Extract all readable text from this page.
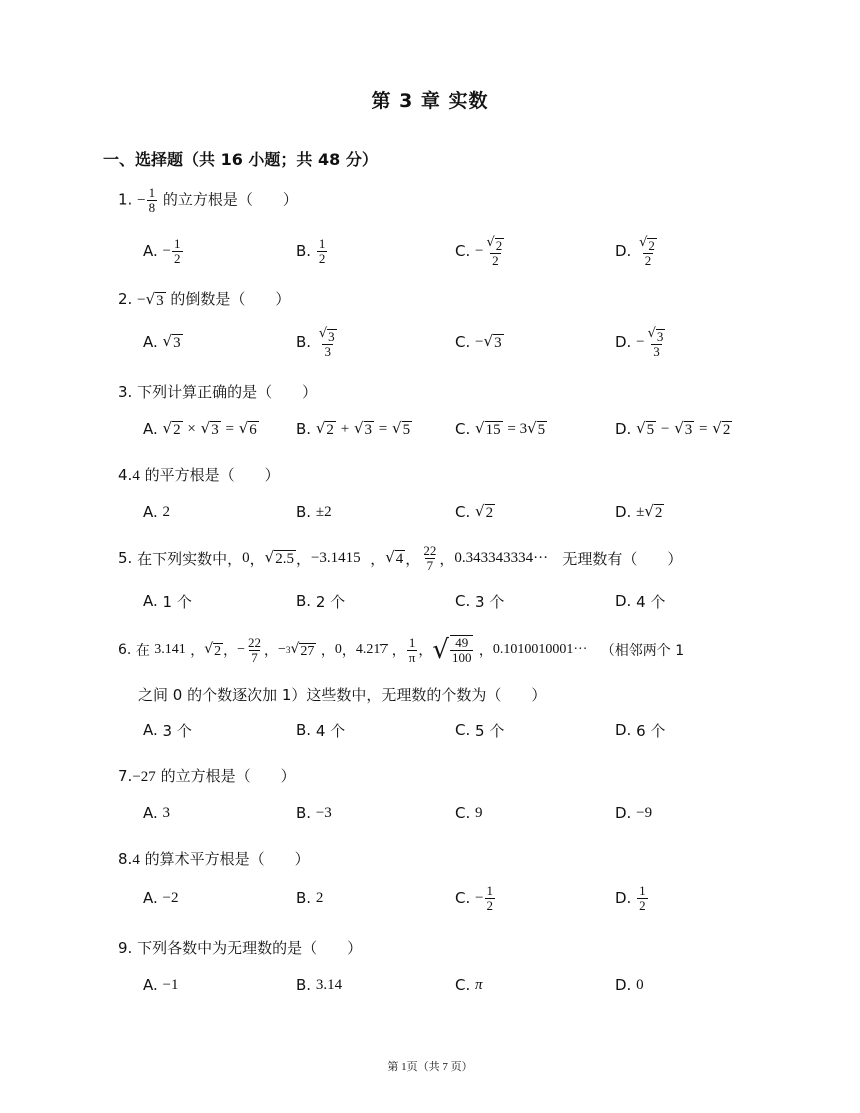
第 3 章 实数
一、选择题（共 16 小题；共 48 分）
1. − $\frac{1}{8}$ 的立方根是（　　）
A.
− $\frac{1}{2}$	B.
$\frac{1}{2}$	C.
− $\frac{√ 2}{2}$	D.
$\frac{√ 2}{2}$
2. − √ 3 的倒数是（　　）
A.
√ 3	B.
$\frac{√ 3}{3}$	C.
− √ 3	D.
− $\frac{√ 3}{3}$
3. 下列计算正确的是（　　）
A.
√ 2
×
√ 3
=
√ 6	B.
√ 2
+
√ 3
=
√ 5	C.
√ 15
= 3 √ 5	D.
√ 5
−
√ 3
=
√ 2
4.4 的平方根是（　　）
A.
2	B.
±2	C.
√ 2	D.
± √ 2
5.
在下列实数中， 0 ， √ 2.5 ， −3.1415
， √ 4 ， $\frac{22}{7}$ ， 0.343343334···
无理数有（　　）
A.
1 个	B.
2 个	C.
3 个	D.
4 个
6.
在
3.141
， √ 2 ， − $\frac{22}{7}$ ， − 3 √ 27
， 0 ， 4.21̇7̇
， $\frac{1}{\pi}$ ， √ $\frac{49}{100}$
， 0.1010010001···
（相邻两个 1
之间 0 的个数逐次加 1）这些数中，无理数的个数为（　　）
A.
3 个	B.
4 个	C.
5 个	D.
6 个
7.−27 的立方根是（　　）
A.
3	B.
−3	C.
9	D.
−9
8.4 的算术平方根是（　　）
A.
−2	B.
2	C.
− $\frac{1}{2}$	D.
$\frac{1}{2}$
9. 下列各数中为无理数的是（　　）
A.
−1	B.
3.14	C.
π	D.
0
第 1页（共 7 页）
